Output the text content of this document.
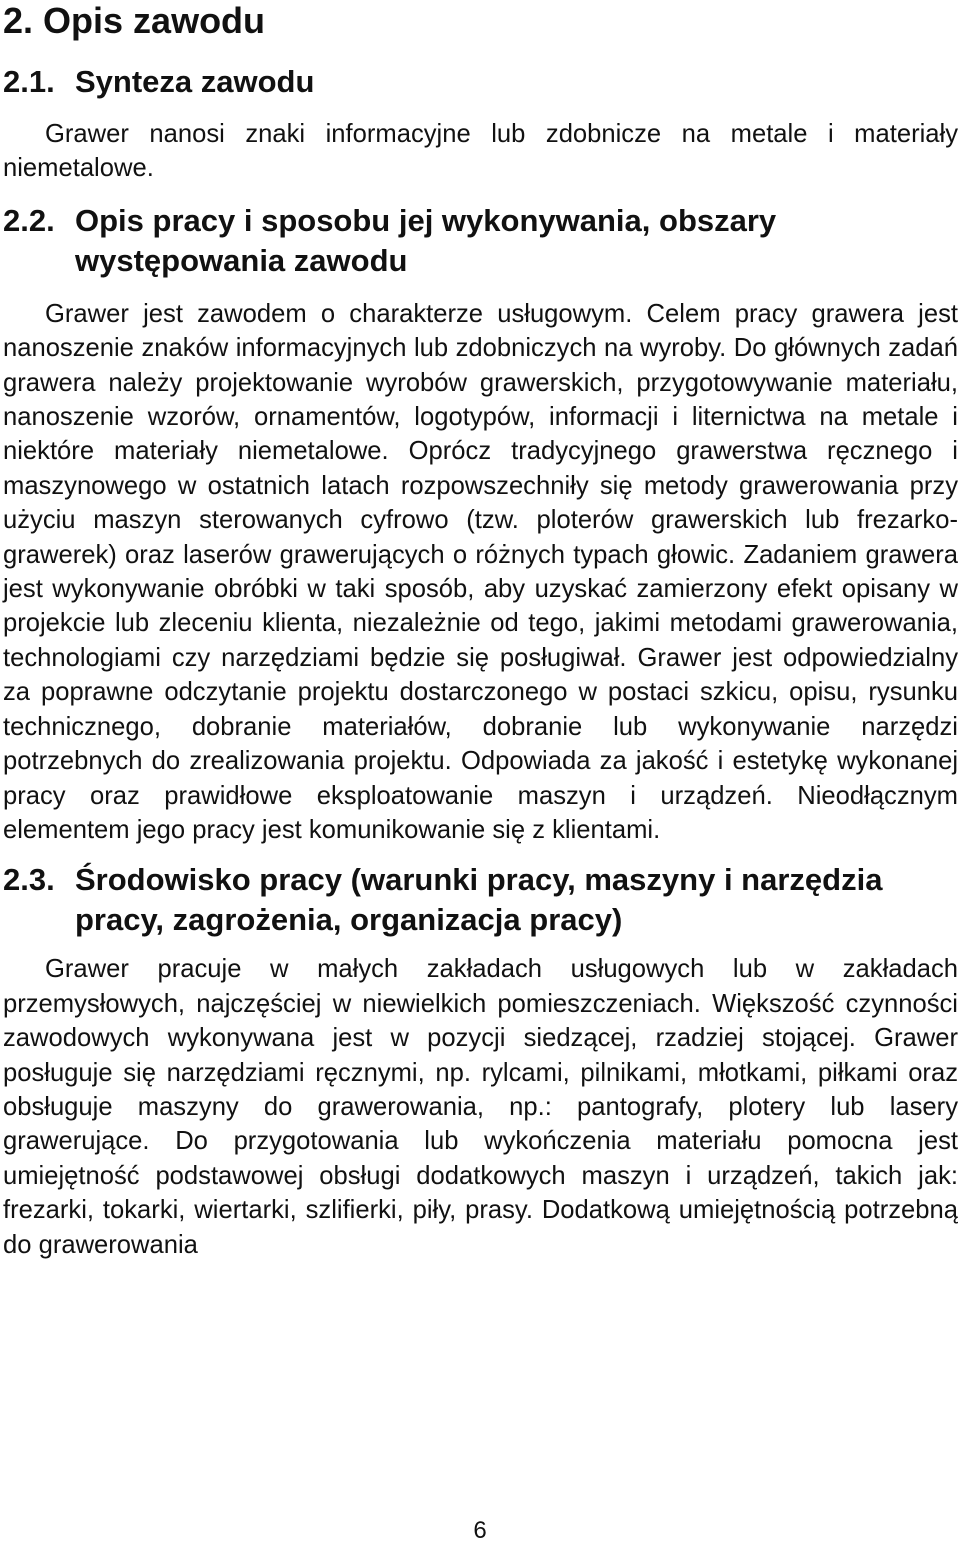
2. Opis zawodu
2.1. Synteza zawodu

Grawer nanosi znaki informacyjne lub zdobnicze na metale i materiały niemetalowe.

2.2. Opis pracy i sposobu jej wykonywania, obszary występowania zawodu

Grawer jest zawodem o charakterze usługowym. Celem pracy grawera jest nanoszenie znaków informacyjnych lub zdobniczych na wyroby. Do głównych zadań grawera należy projektowanie wyrobów grawerskich, przygotowywanie materiału, nanoszenie wzorów, ornamentów, logotypów, informacji i liternictwa na metale i niektóre materiały niemetalowe. Oprócz tradycyjnego grawerstwa ręcznego i maszynowego w ostatnich latach rozpowszechniły się metody grawerowania przy użyciu maszyn sterowanych cyfrowo (tzw. ploterów grawerskich lub frezarko-grawerek) oraz laserów grawerujących o różnych typach głowic. Zadaniem grawera jest wykonywanie obróbki w taki sposób, aby uzyskać zamierzony efekt opisany w projekcie lub zleceniu klienta, niezależnie od tego, jakimi metodami grawerowania, technologiami czy narzędziami będzie się posługiwał. Grawer jest odpowiedzialny za poprawne odczytanie projektu dostarczonego w postaci szkicu, opisu, rysunku technicznego, dobranie materiałów, dobranie lub wykonywanie narzędzi potrzebnych do zrealizowania projektu. Odpowiada za jakość i estetykę wykonanej pracy oraz prawidłowe eksploatowanie maszyn i urządzeń. Nieodłącznym elementem jego pracy jest komunikowanie się z klientami.

2.3. Środowisko pracy (warunki pracy, maszyny i narzędzia pracy, zagrożenia, organizacja pracy)

Grawer pracuje w małych zakładach usługowych lub w zakładach przemysłowych, najczęściej w niewielkich pomieszczeniach. Większość czynności zawodowych wykonywana jest w pozycji siedzącej, rzadziej stojącej. Grawer posługuje się narzędziami ręcznymi, np. rylcami, pilnikami, młotkami, piłkami oraz obsługuje maszyny do grawerowania, np.: pantografy, plotery lub lasery grawerujące. Do przygotowania lub wykończenia materiału pomocna jest umiejętność podstawowej obsługi dodatkowych maszyn i urządzeń, takich jak: frezarki, tokarki, wiertarki, szlifierki, piły, prasy. Dodatkową umiejętnością potrzebną do grawerowania

6
